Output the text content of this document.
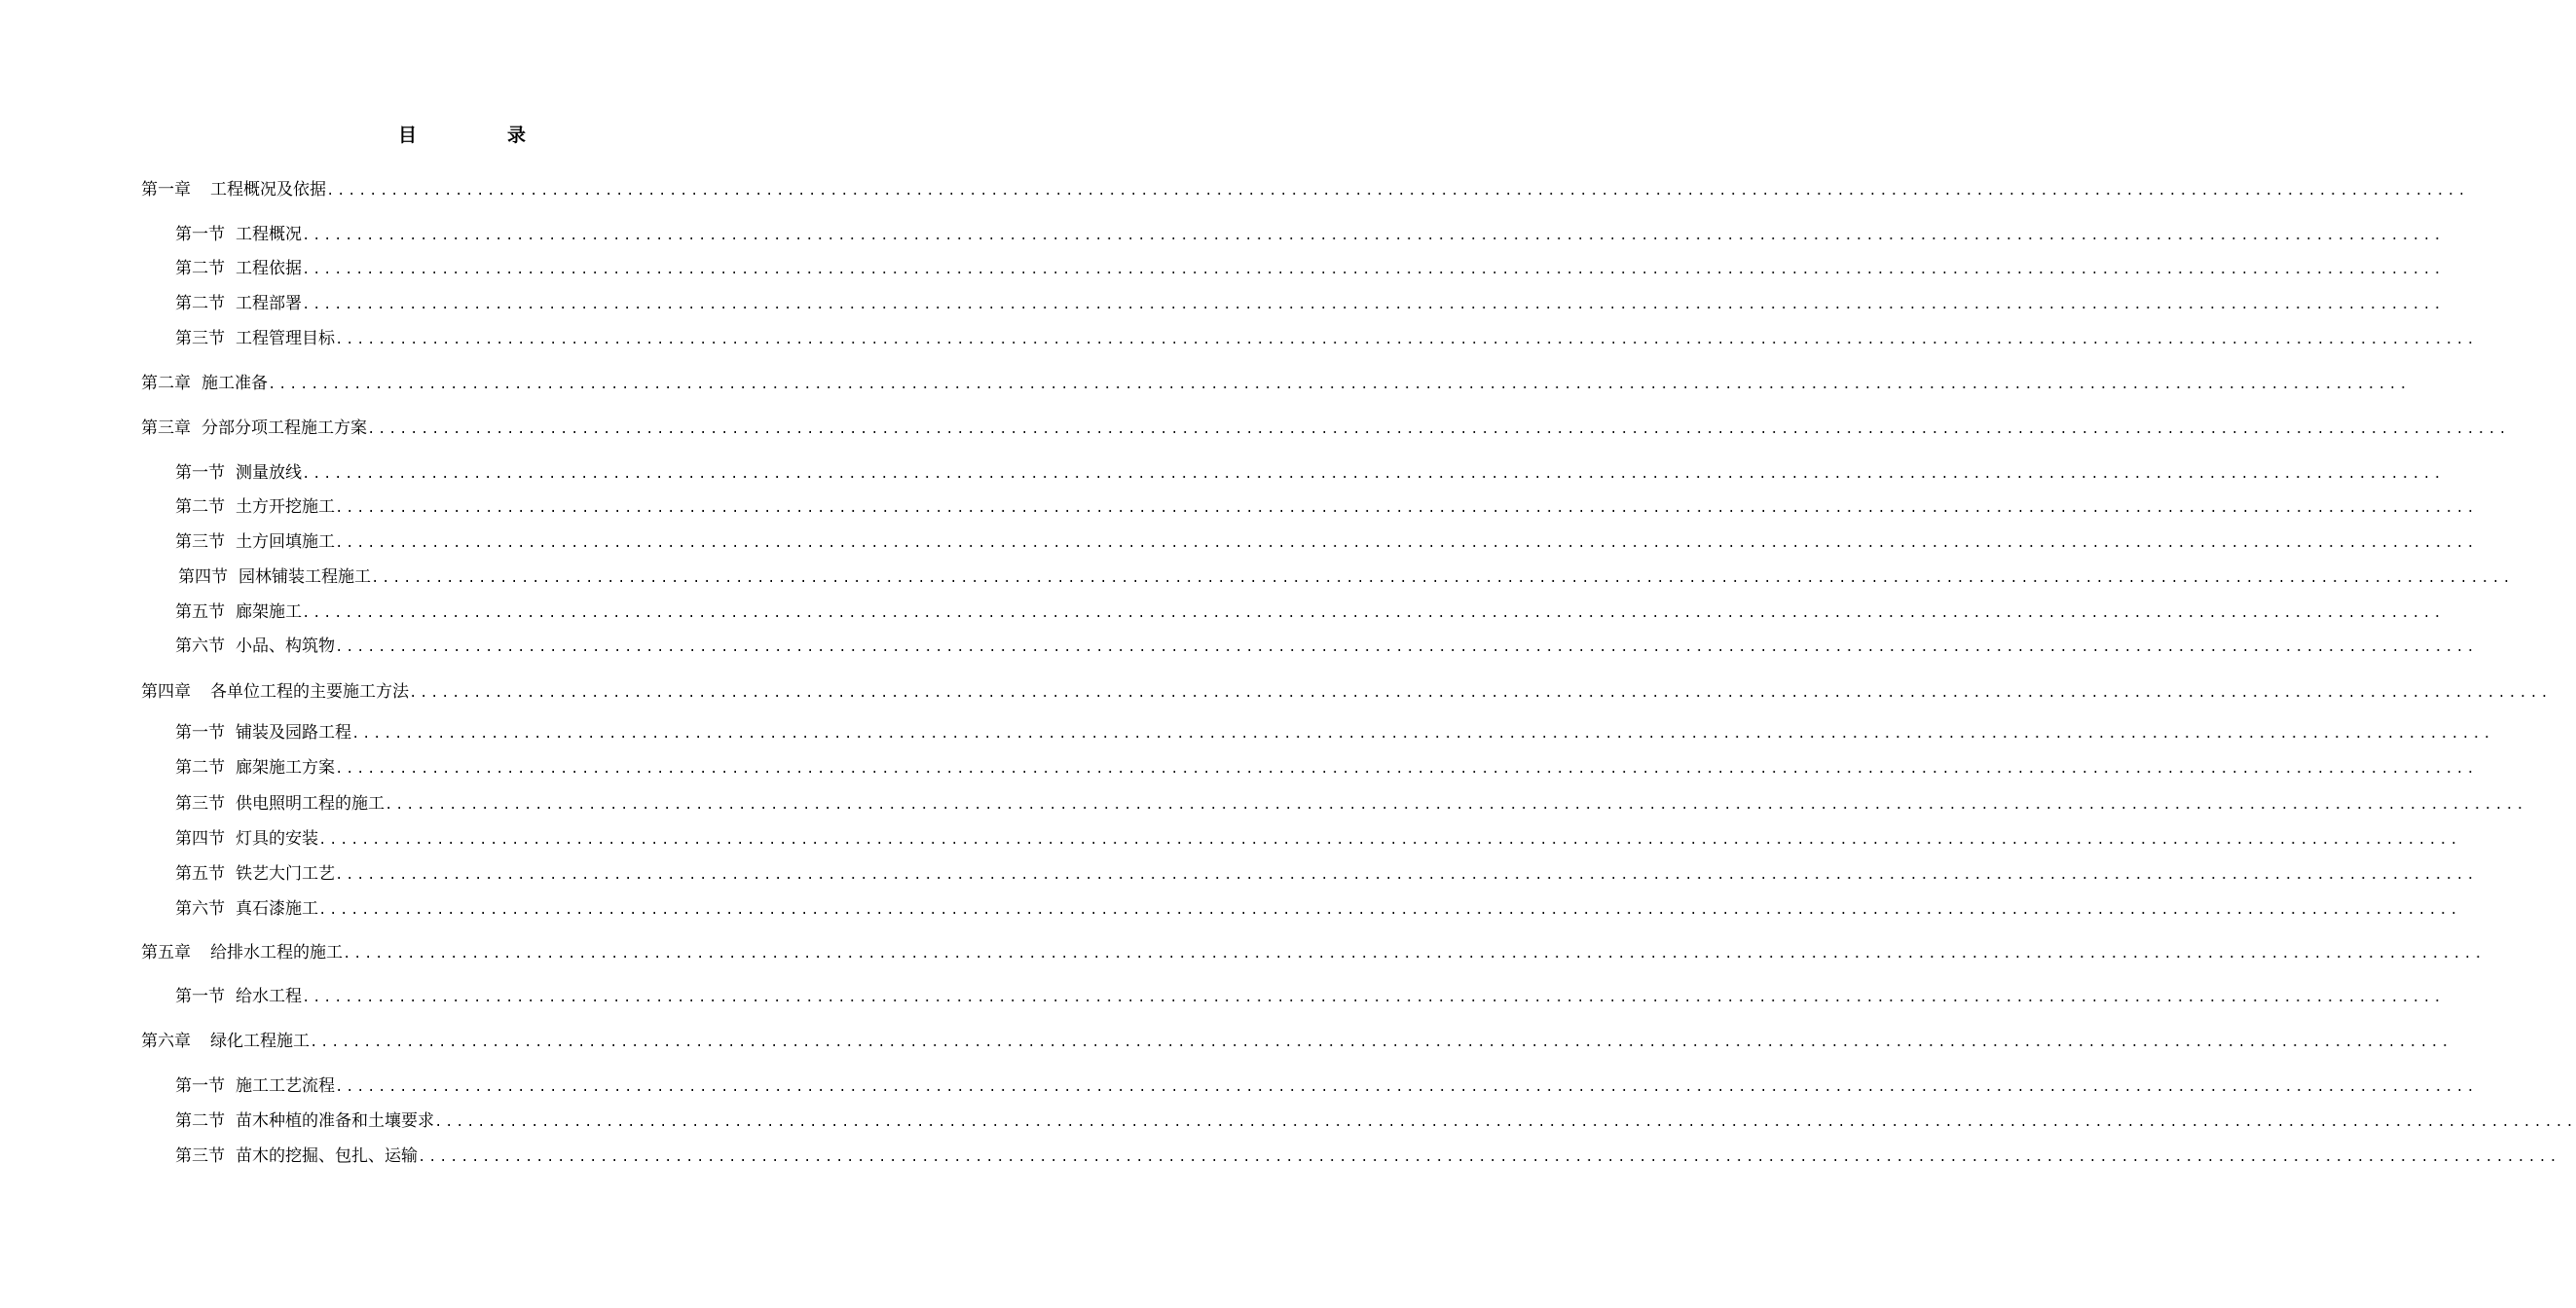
目	录
第一章 工程概况及依据 ........................................................................................................................................................................................................
第一节 工程概况 ........................................................................................................................................................................................................
第二节 工程依据 ........................................................................................................................................................................................................
第二节 工程部署 ........................................................................................................................................................................................................
第三节 工程管理目标 ........................................................................................................................................................................................................
第二章 施工准备 ........................................................................................................................................................................................................
第三章 分部分项工程施工方案 ........................................................................................................................................................................................................
第一节 测量放线 ........................................................................................................................................................................................................
第二节 土方开挖施工 ........................................................................................................................................................................................................
第三节 土方回填施工 ........................................................................................................................................................................................................
第四节 园林铺装工程施工 ........................................................................................................................................................................................................
第五节 廊架施工 ........................................................................................................................................................................................................
第六节 小品、构筑物 ........................................................................................................................................................................................................
第四章 各单位工程的主要施工方法 ........................................................................................................................................................................................................
第一节 铺装及园路工程 ........................................................................................................................................................................................................
第二节 廊架施工方案 ........................................................................................................................................................................................................
第三节 供电照明工程的施工 ........................................................................................................................................................................................................
第四节 灯具的安装 ........................................................................................................................................................................................................
第五节 铁艺大门工艺 ........................................................................................................................................................................................................
第六节 真石漆施工 ........................................................................................................................................................................................................
第五章 给排水工程的施工 ........................................................................................................................................................................................................
第一节 给水工程 ........................................................................................................................................................................................................
第六章 绿化工程施工 ........................................................................................................................................................................................................
第一节 施工工艺流程 ........................................................................................................................................................................................................
第二节 苗木种植的准备和土壤要求 ........................................................................................................................................................................................................
第三节 苗木的挖掘、包扎、运输 ........................................................................................................................................................................................................
